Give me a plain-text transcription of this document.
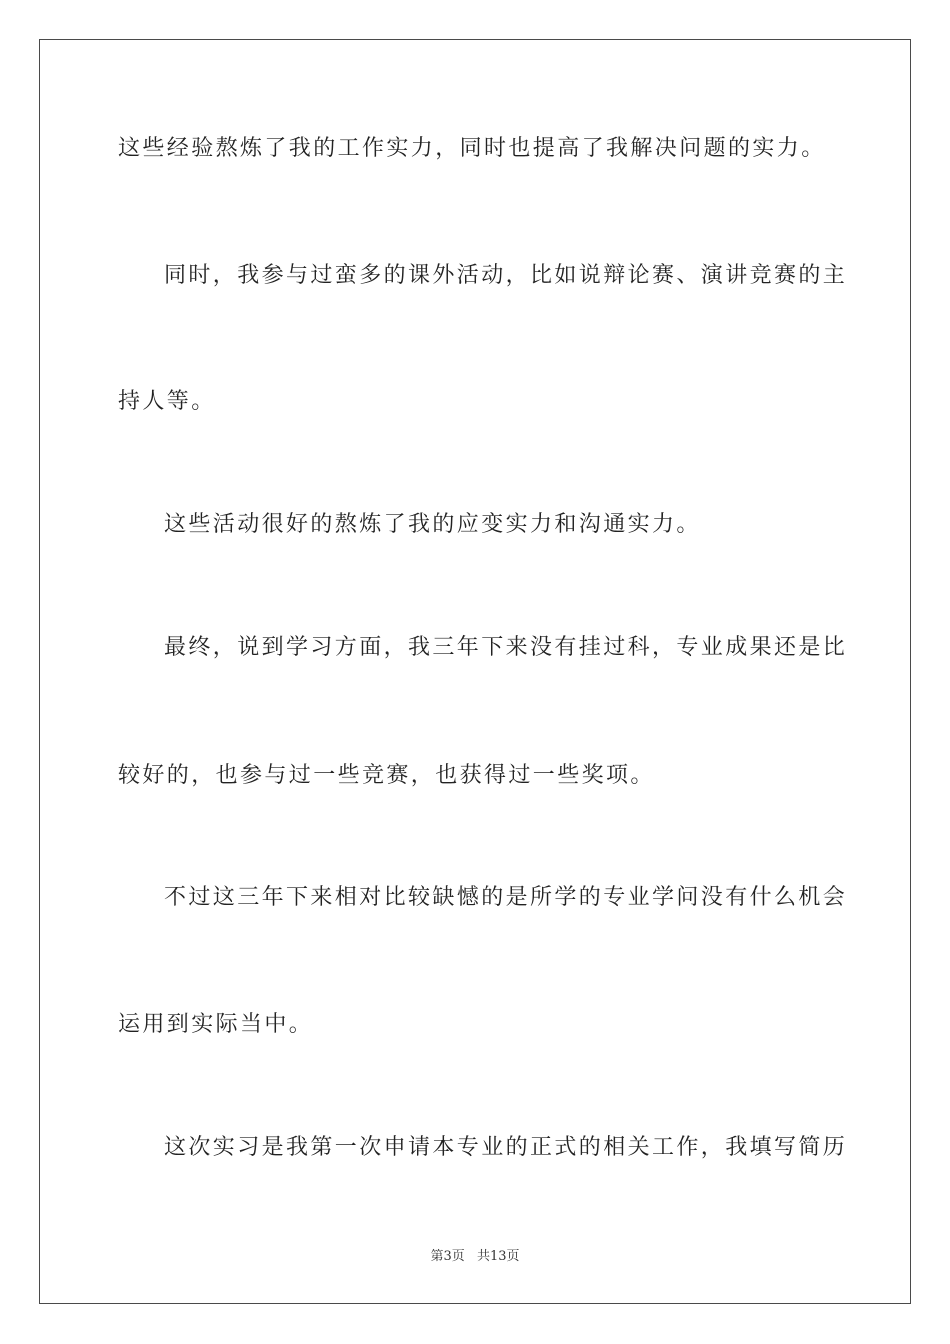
这些经验熬炼了我的工作实力，同时也提高了我解决问题的实力。
同时，我参与过蛮多的课外活动，比如说辩论赛、演讲竞赛的主
持人等。
这些活动很好的熬炼了我的应变实力和沟通实力。
最终，说到学习方面，我三年下来没有挂过科，专业成果还是比
较好的，也参与过一些竞赛，也获得过一些奖项。
不过这三年下来相对比较缺憾的是所学的专业学问没有什么机会
运用到实际当中。
这次实习是我第一次申请本专业的正式的相关工作，我填写简历
第3页 共13页
